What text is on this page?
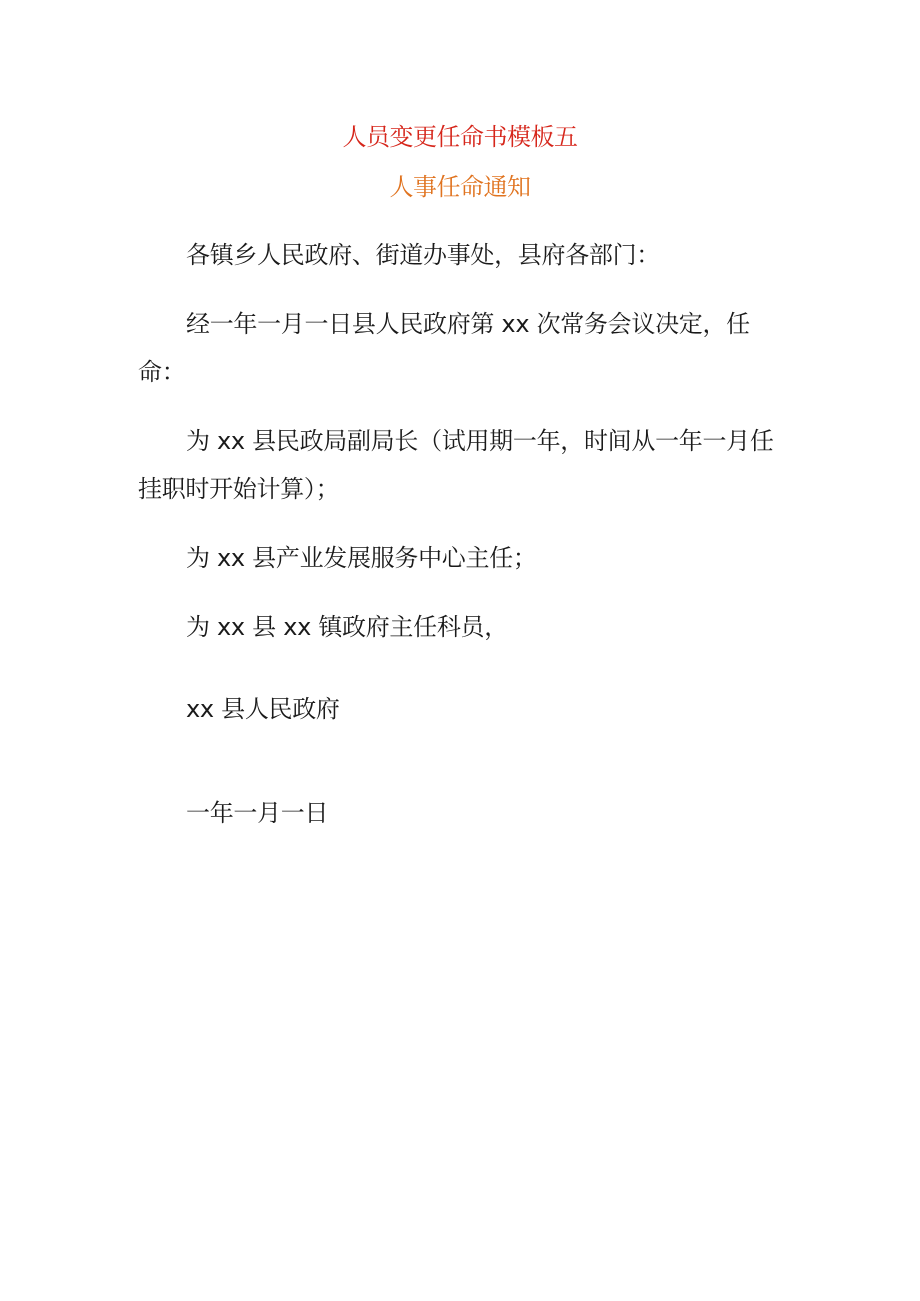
人员变更任命书模板五
人事任命通知
各镇乡人民政府、街道办事处，县府各部门：
经一年一月一日县人民政府第 xx 次常务会议决定，任命：
为 xx 县民政局副局长（试用期一年，时间从一年一月任挂职时开始计算）；
为 xx 县产业发展服务中心主任；
为 xx 县 xx 镇政府主任科员，
xx 县人民政府
一年一月一日
